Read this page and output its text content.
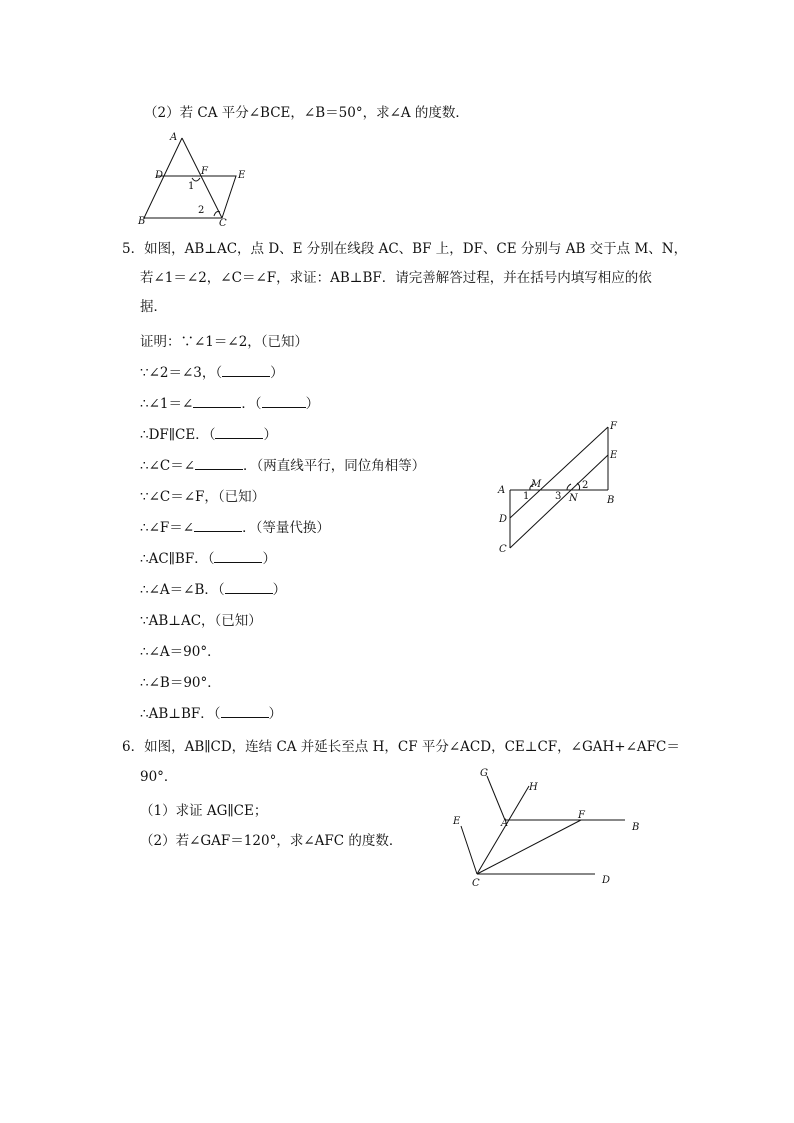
（2）若 CA 平分∠BCE，∠B＝50°，求∠A 的度数．
A
D	F	E
B	C
1
2
5．如图，AB⊥AC，点 D、E 分别在线段 AC、BF 上，DF、CE 分别与 AB 交于点 M、N，
若∠1＝∠2，∠C＝∠F，求证：AB⊥BF．请完善解答过程，并在括号内填写相应的依
据．
证明：∵∠1＝∠2，（已知）
∵∠2＝∠3，（	）
∴∠1＝∠	．（	）
∴DF∥CE．（	）
∴∠C＝∠	．（两直线平行，同位角相等）
∵∠C＝∠F，（已知）
∴∠F＝∠	．（等量代换）
∴AC∥BF．（	）
∴∠A＝∠B．（	）
∵AB⊥AC，（已知）
∴∠A＝90°．
∴∠B＝90°．
∴AB⊥BF．（	）
F
E
A
M	2
B
1	3 N
D
C
6．如图，AB∥CD，连结 CA 并延长至点 H，CF 平分∠ACD，CE⊥CF，∠GAH+∠AFC＝
90°．
（1）求证 AG∥CE；
（2）若∠GAF＝120°，求∠AFC 的度数．
G
H
A
F
B
E
C	D
